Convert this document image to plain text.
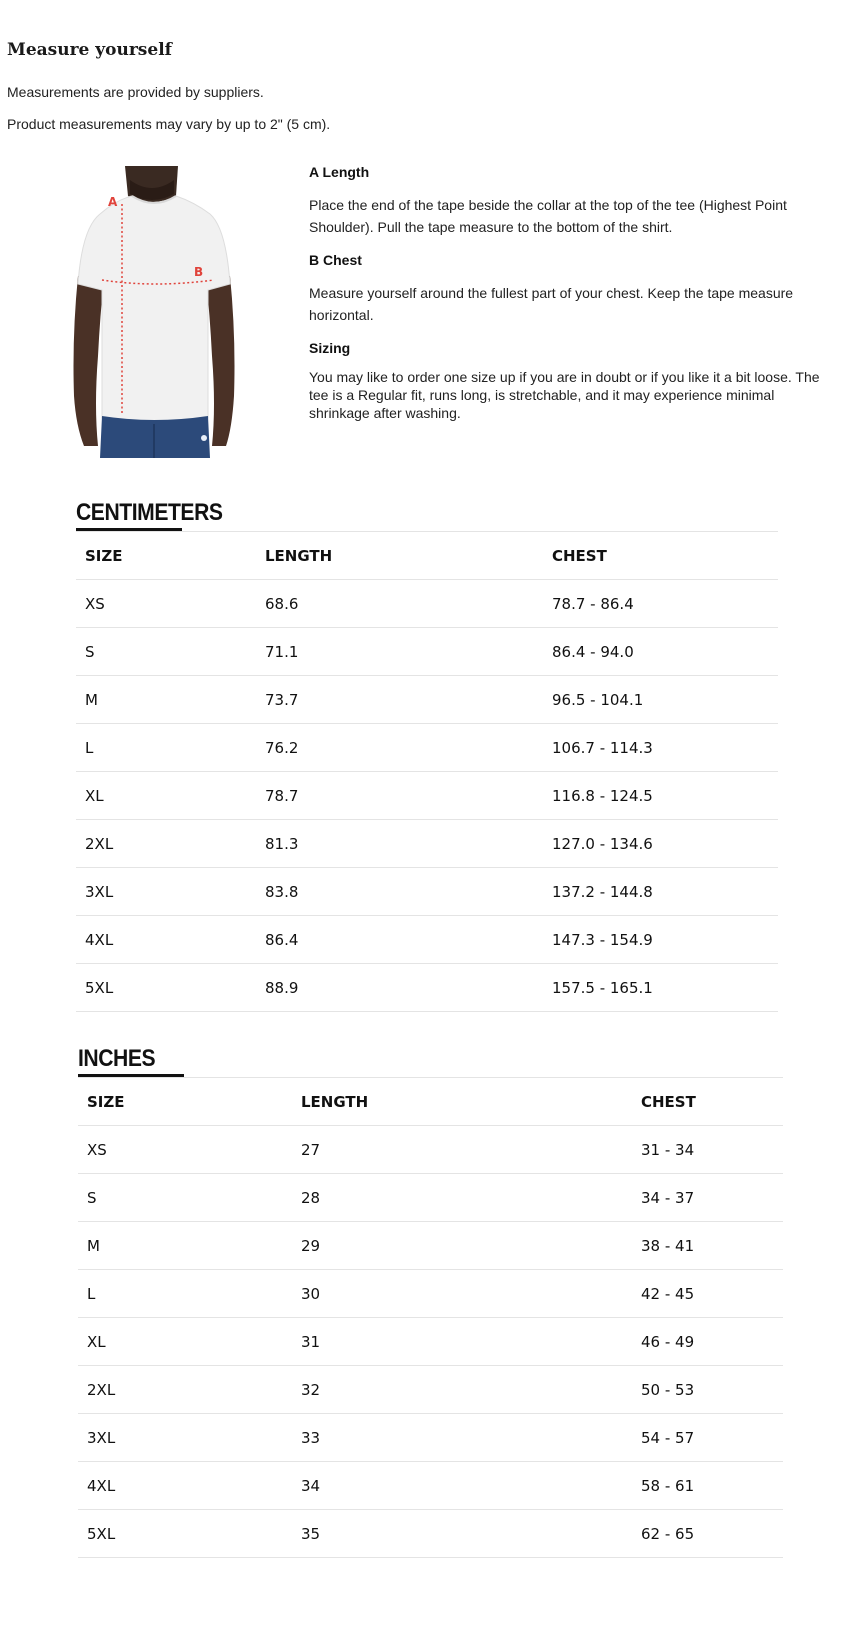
Measure yourself

Measurements are provided by suppliers.

Product measurements may vary by up to 2" (5 cm).

A
B
A Length

Place the end of the tape beside the collar at the top of the tee (Highest Point Shoulder). Pull the tape measure to the bottom of the shirt.

B Chest

Measure yourself around the fullest part of your chest. Keep the tape measure horizontal.

Sizing

You may like to order one size up if you are in doubt or if you like it a bit loose. The tee is a Regular fit, runs long, is stretchable, and it may experience minimal shrinkage after washing.

CENTIMETERS
SIZE	LENGTH	CHEST
XS	68.6	78.7 - 86.4
S	71.1	86.4 - 94.0
M	73.7	96.5 - 104.1
L	76.2	106.7 - 114.3
XL	78.7	116.8 - 124.5
2XL	81.3	127.0 - 134.6
3XL	83.8	137.2 - 144.8
4XL	86.4	147.3 - 154.9
5XL	88.9	157.5 - 165.1
INCHES
SIZE	LENGTH	CHEST
XS	27	31 - 34
S	28	34 - 37
M	29	38 - 41
L	30	42 - 45
XL	31	46 - 49
2XL	32	50 - 53
3XL	33	54 - 57
4XL	34	58 - 61
5XL	35	62 - 65
